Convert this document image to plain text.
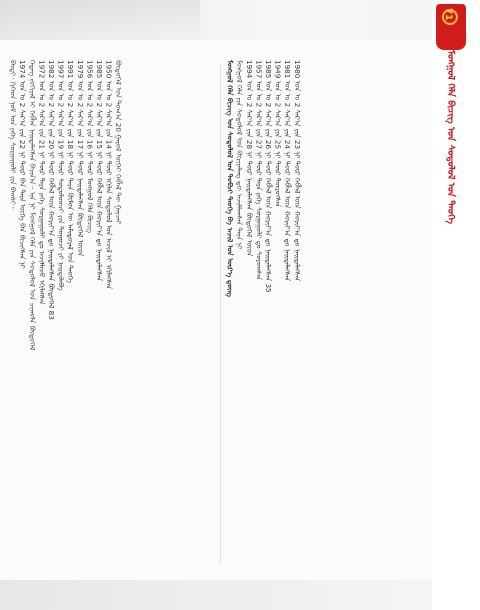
71
ᠮᠣᠩᠭᠣᠯ ᠬᠡᠯᠡ ᠪᠢᠴᠢᠭ ᠤᠨ ᠰᠤᠳᠤᠯᠤᠯ ᠤᠨ ᠲᠡᠦᠬᠡ
ᠪᠠᠨᠳᠢ᠂ ᠬᠢᠬᠡᠳ ᠨᠤᠮ ᠤᠨ ᠶᠡᠬᠡ ᠰᠤᠷᠭᠠᠭᠤᠯᠢ ᠶᠢᠨ ᠪᠠᠭᠰᠢ᠃ 1974 ᠣᠨ ᠤ 2 ᠰᠠᠷ᠎ᠠ ᠶᠢᠨ 22 ᠨᠢ ᠳᠦᠷ ᠪᠡᠨ ᠲᠡᠷᠡ ᠦᠭᠡ ᠪᠡᠨ ᠪᠢᠴᠢᠭᠰᠡᠨ ᠨᠢ ᠭᠡᠳᠡᠭ ᠵᠣᠬᠢᠶᠠᠯ ᠢ ᠬᠡᠪᠯᠡᠨ ᠨᠡᠢᠲᠡᠯᠡᠭᠰᠡᠨ ᠪᠠᠶᠢᠨ᠎ᠠ᠃ ᠡᠨᠡ ᠨᠢ ᠮᠣᠩᠭᠣᠯ ᠬᠡᠯᠡ ᠶᠢᠨ ᠰᠤᠳᠤᠯᠤᠯ ᠤᠨ ᠴᠢᠬᠤᠯᠠ ᠪᠦᠲᠦᠭᠡᠯ 1972 ᠣᠨ ᠤ 2 ᠰᠠᠷ᠎ᠠ ᠶᠢᠨ 21 ᠨᠢ ᠳᠦᠷ ᠲᠡᠷᠡ ᠶᠡᠬᠡ ᠰᠤᠷᠭᠠᠭᠤᠯᠢ ᠳᠤ ᠠᠵᠢᠯᠯᠠᠵᠤ ᠡᠬᠢᠯᠡᠭᠰᠡᠨ 1982 ᠣᠨ ᠤ 2 ᠰᠠᠷ᠎ᠠ ᠶᠢᠨ 20 ᠨᠢ ᠳᠦᠷ ᠬᠡᠪᠯᠡᠯ ᠦᠨ ᠬᠣᠷᠢᠶ᠎ᠠ ᠳᠤ ᠨᠡᠢᠲᠡᠯᠡᠭᠰᠡᠨ ᠪᠦᠲᠦᠭᠡᠯ 83 1997 ᠣᠨ ᠤ 2 ᠰᠠᠷ᠎ᠠ ᠶᠢᠨ 19 ᠨᠢ ᠳᠦᠷ ᠰᠤᠳᠤᠯᠤᠭᠴᠢ ᠶᠢᠨ ᠲᠤᠭᠤᠵᠢ ᠶᠢ ᠨᠡᠢᠲᠡᠯᠡᠪᠡ 1991 ᠣᠨ ᠤ 2 ᠰᠠᠷ᠎ᠠ ᠶᠢᠨ 18 ᠨᠢ ᠳᠦᠷ ᠲᠡᠷᠡ ᠬᠦᠮᠦᠨ ᠦ ᠠᠮᠢᠳᠤᠷᠠᠯ ᠤᠨ ᠲᠡᠦᠬᠡ 1979 ᠣᠨ ᠤ 2 ᠰᠠᠷ᠎ᠠ ᠶᠢᠨ 17 ᠨᠢ ᠳᠦᠷ ᠨᠡᠢᠲᠡᠯᠡᠭᠰᠡᠨ ᠪᠦᠲᠦᠭᠡᠯ ᠦᠳ 1956 ᠣᠨ ᠤ 2 ᠰᠠᠷ᠎ᠠ ᠶᠢᠨ 16 ᠨᠢ ᠳᠦᠷ ᠮᠣᠩᠭᠣᠯ ᠬᠡᠯᠡ ᠪᠢᠴᠢᠭ 1985 ᠣᠨ ᠤ 2 ᠰᠠᠷ᠎ᠠ ᠶᠢᠨ 15 ᠨᠢ ᠳᠦᠷ ᠬᠡᠪᠯᠡᠯ ᠦᠨ ᠬᠣᠷᠢᠶ᠎ᠠ ᠳᠤ ᠨᠡᠢᠲᠡᠯᠡᠭᠰᠡᠨ 1950 ᠣᠨ ᠤ 2 ᠰᠠᠷ᠎ᠠ ᠶᠢᠨ 14 ᠨᠢ ᠳᠦᠷ ᠡᠬᠢᠯᠡᠨ ᠰᠤᠳᠤᠯᠤᠯ ᠤᠨ ᠠᠵᠢᠯ ᠢ ᠡᠬᠢᠯᠡᠭᠰᠡᠨ ᠪᠦᠲᠦᠭᠡᠯ ᠤᠨ ᠲᠣᠭ᠎ᠠ 20 ᠭᠠᠷᠤᠯ ᠦᠭᠡᠢ ᠬᠡᠪᠯᠡᠯ ᠲᠦ ᠭᠠᠷᠴᠠᠢ	ᠮᠣᠩᠭᠣᠯ ᠬᠡᠯᠡ ᠪᠢᠴᠢᠭ ᠤᠨ ᠰᠤᠳᠤᠯᠤᠯ ᠤᠨ ᠲᠣᠪᠴᠢ ᠲᠡᠦᠬᠡ ᠪᠠ ᠠᠵᠢᠯ ᠤᠨ ᠦᠷ᠎ᠡ ᠳ᠋ᠦᠩ ᠮᠣᠩᠭᠣᠯ ᠬᠡᠯᠡ ᠶᠢᠨ ᠰᠤᠳᠤᠯᠤᠯ ᠤᠨ ᠬᠦᠷᠢᠶᠡᠯᠡᠩ ᠳᠦ ᠠᠵᠢᠯᠯᠠᠭᠰᠠᠨ ᠲᠡᠷᠡ ᠨᠢ 1994 ᠣᠨ ᠤ 2 ᠰᠠᠷ᠎ᠠ ᠶᠢᠨ 28 ᠨᠢ ᠳᠦᠷ ᠨᠡᠢᠲᠡᠯᠡᠭᠰᠡᠨ ᠪᠦᠲᠦᠭᠡᠯ ᠦᠳ 1957 ᠣᠨ ᠤ 2 ᠰᠠᠷ᠎ᠠ ᠶᠢᠨ 27 ᠨᠢ ᠳᠦᠷ ᠲᠡᠷᠡ ᠶᠡᠬᠡ ᠰᠤᠷᠭᠠᠭᠤᠯᠢ ᠳᠤ ᠰᠤᠷᠤᠭᠰᠠᠨ 1985 ᠣᠨ ᠤ 2 ᠰᠠᠷ᠎ᠠ ᠶᠢᠨ 26 ᠨᠢ ᠳᠦᠷ ᠬᠡᠪᠯᠡᠯ ᠦᠨ ᠬᠣᠷᠢᠶ᠎ᠠ ᠳᠤ ᠨᠡᠢᠲᠡᠯᠡᠭᠰᠡᠨ 35 1949 ᠣᠨ ᠤ 2 ᠰᠠᠷ᠎ᠠ ᠶᠢᠨ 25 ᠨᠢ ᠳᠦᠷ ᠲᠦᠷᠦᠭᠰᠡᠨ 1981 ᠣᠨ ᠤ 2 ᠰᠠᠷ᠎ᠠ ᠶᠢᠨ 24 ᠨᠢ ᠳᠦᠷ ᠬᠡᠪᠯᠡᠯ ᠦᠨ ᠬᠣᠷᠢᠶ᠎ᠠ ᠳᠤ ᠨᠡᠢᠲᠡᠯᠡᠭᠰᠡᠨ 1980 ᠣᠨ ᠤ 2 ᠰᠠᠷ᠎ᠠ ᠶᠢᠨ 23 ᠨᠢ ᠳᠦᠷ ᠬᠡᠪᠯᠡᠯ ᠦᠨ ᠬᠣᠷᠢᠶ᠎ᠠ ᠳᠤ ᠨᠡᠢᠲᠡᠯᠡᠭᠰᠡᠨ
